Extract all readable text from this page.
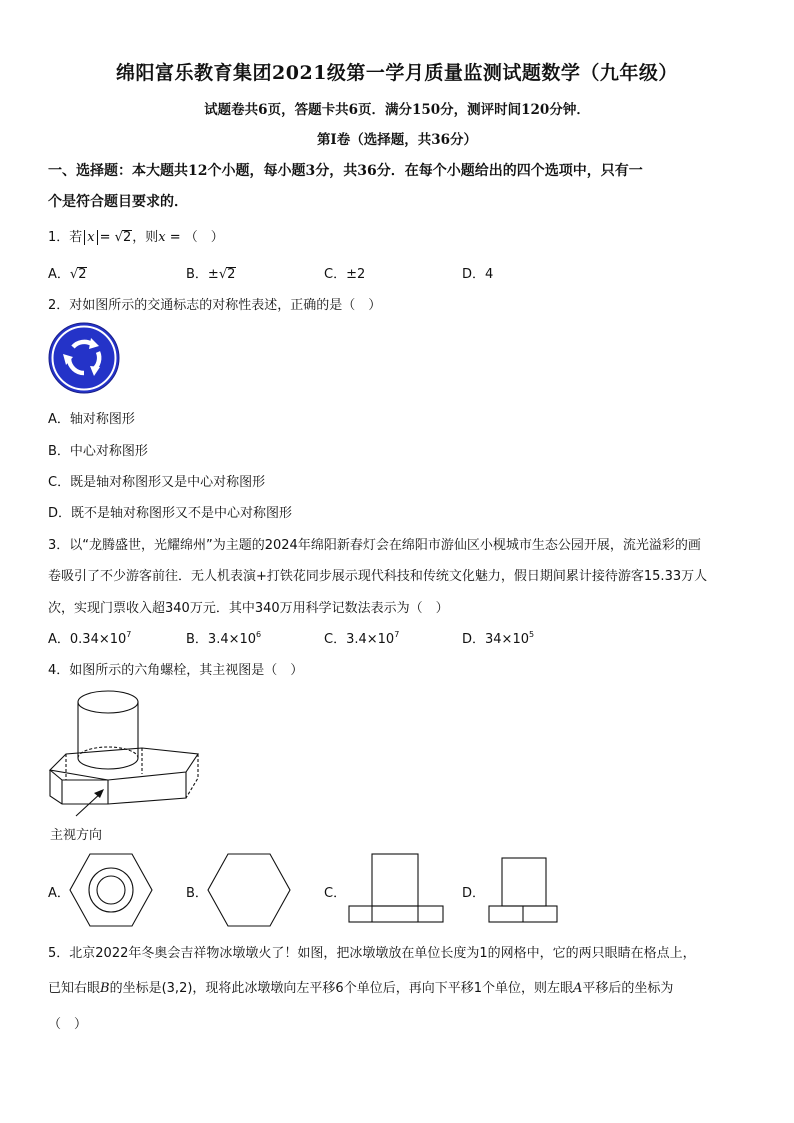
绵阳富乐教育集团2021级第一学月质量监测试题数学（九年级）
试题卷共6页，答题卡共6页．满分150分，测评时间120分钟．
第Ⅰ卷（选择题，共36分）
一、选择题：本大题共12个小题，每小题3分，共36分．在每个小题给出的四个选项中，只有一
个是符合题目要求的．
1．若 x = √2，则x = （　）
A．√2	B．±√2	C．±2	D．4
2．对如图所示的交通标志的对称性表述，正确的是（　）
A．轴对称图形
B．中心对称图形
C．既是轴对称图形又是中心对称图形
D．既不是轴对称图形又不是中心对称图形
3．以“龙腾盛世，光耀绵州”为主题的2024年绵阳新春灯会在绵阳市游仙区小枧城市生态公园开展，流光溢彩的画
卷吸引了不少游客前往．无人机表演+打铁花同步展示现代科技和传统文化魅力，假日期间累计接待游客15.33万人
次，实现门票收入超340万元．其中340万用科学记数法表示为（　）
A．$0.34\times 10^7$	B．$3.4\times 10^6$	C．$3.4\times 10^7$	D．$34\times 10^5$
4．如图所示的六角螺栓，其主视图是（　）
主视方向
A．	B．	C．	D．
5．北京2022年冬奥会吉祥物冰墩墩火了！如图，把冰墩墩放在单位长度为1的网格中，它的两只眼睛在格点上，
已知右眼B的坐标是(3,2)，现将此冰墩墩向左平移6个单位后，再向下平移1个单位，则左眼A平移后的坐标为
（　）
